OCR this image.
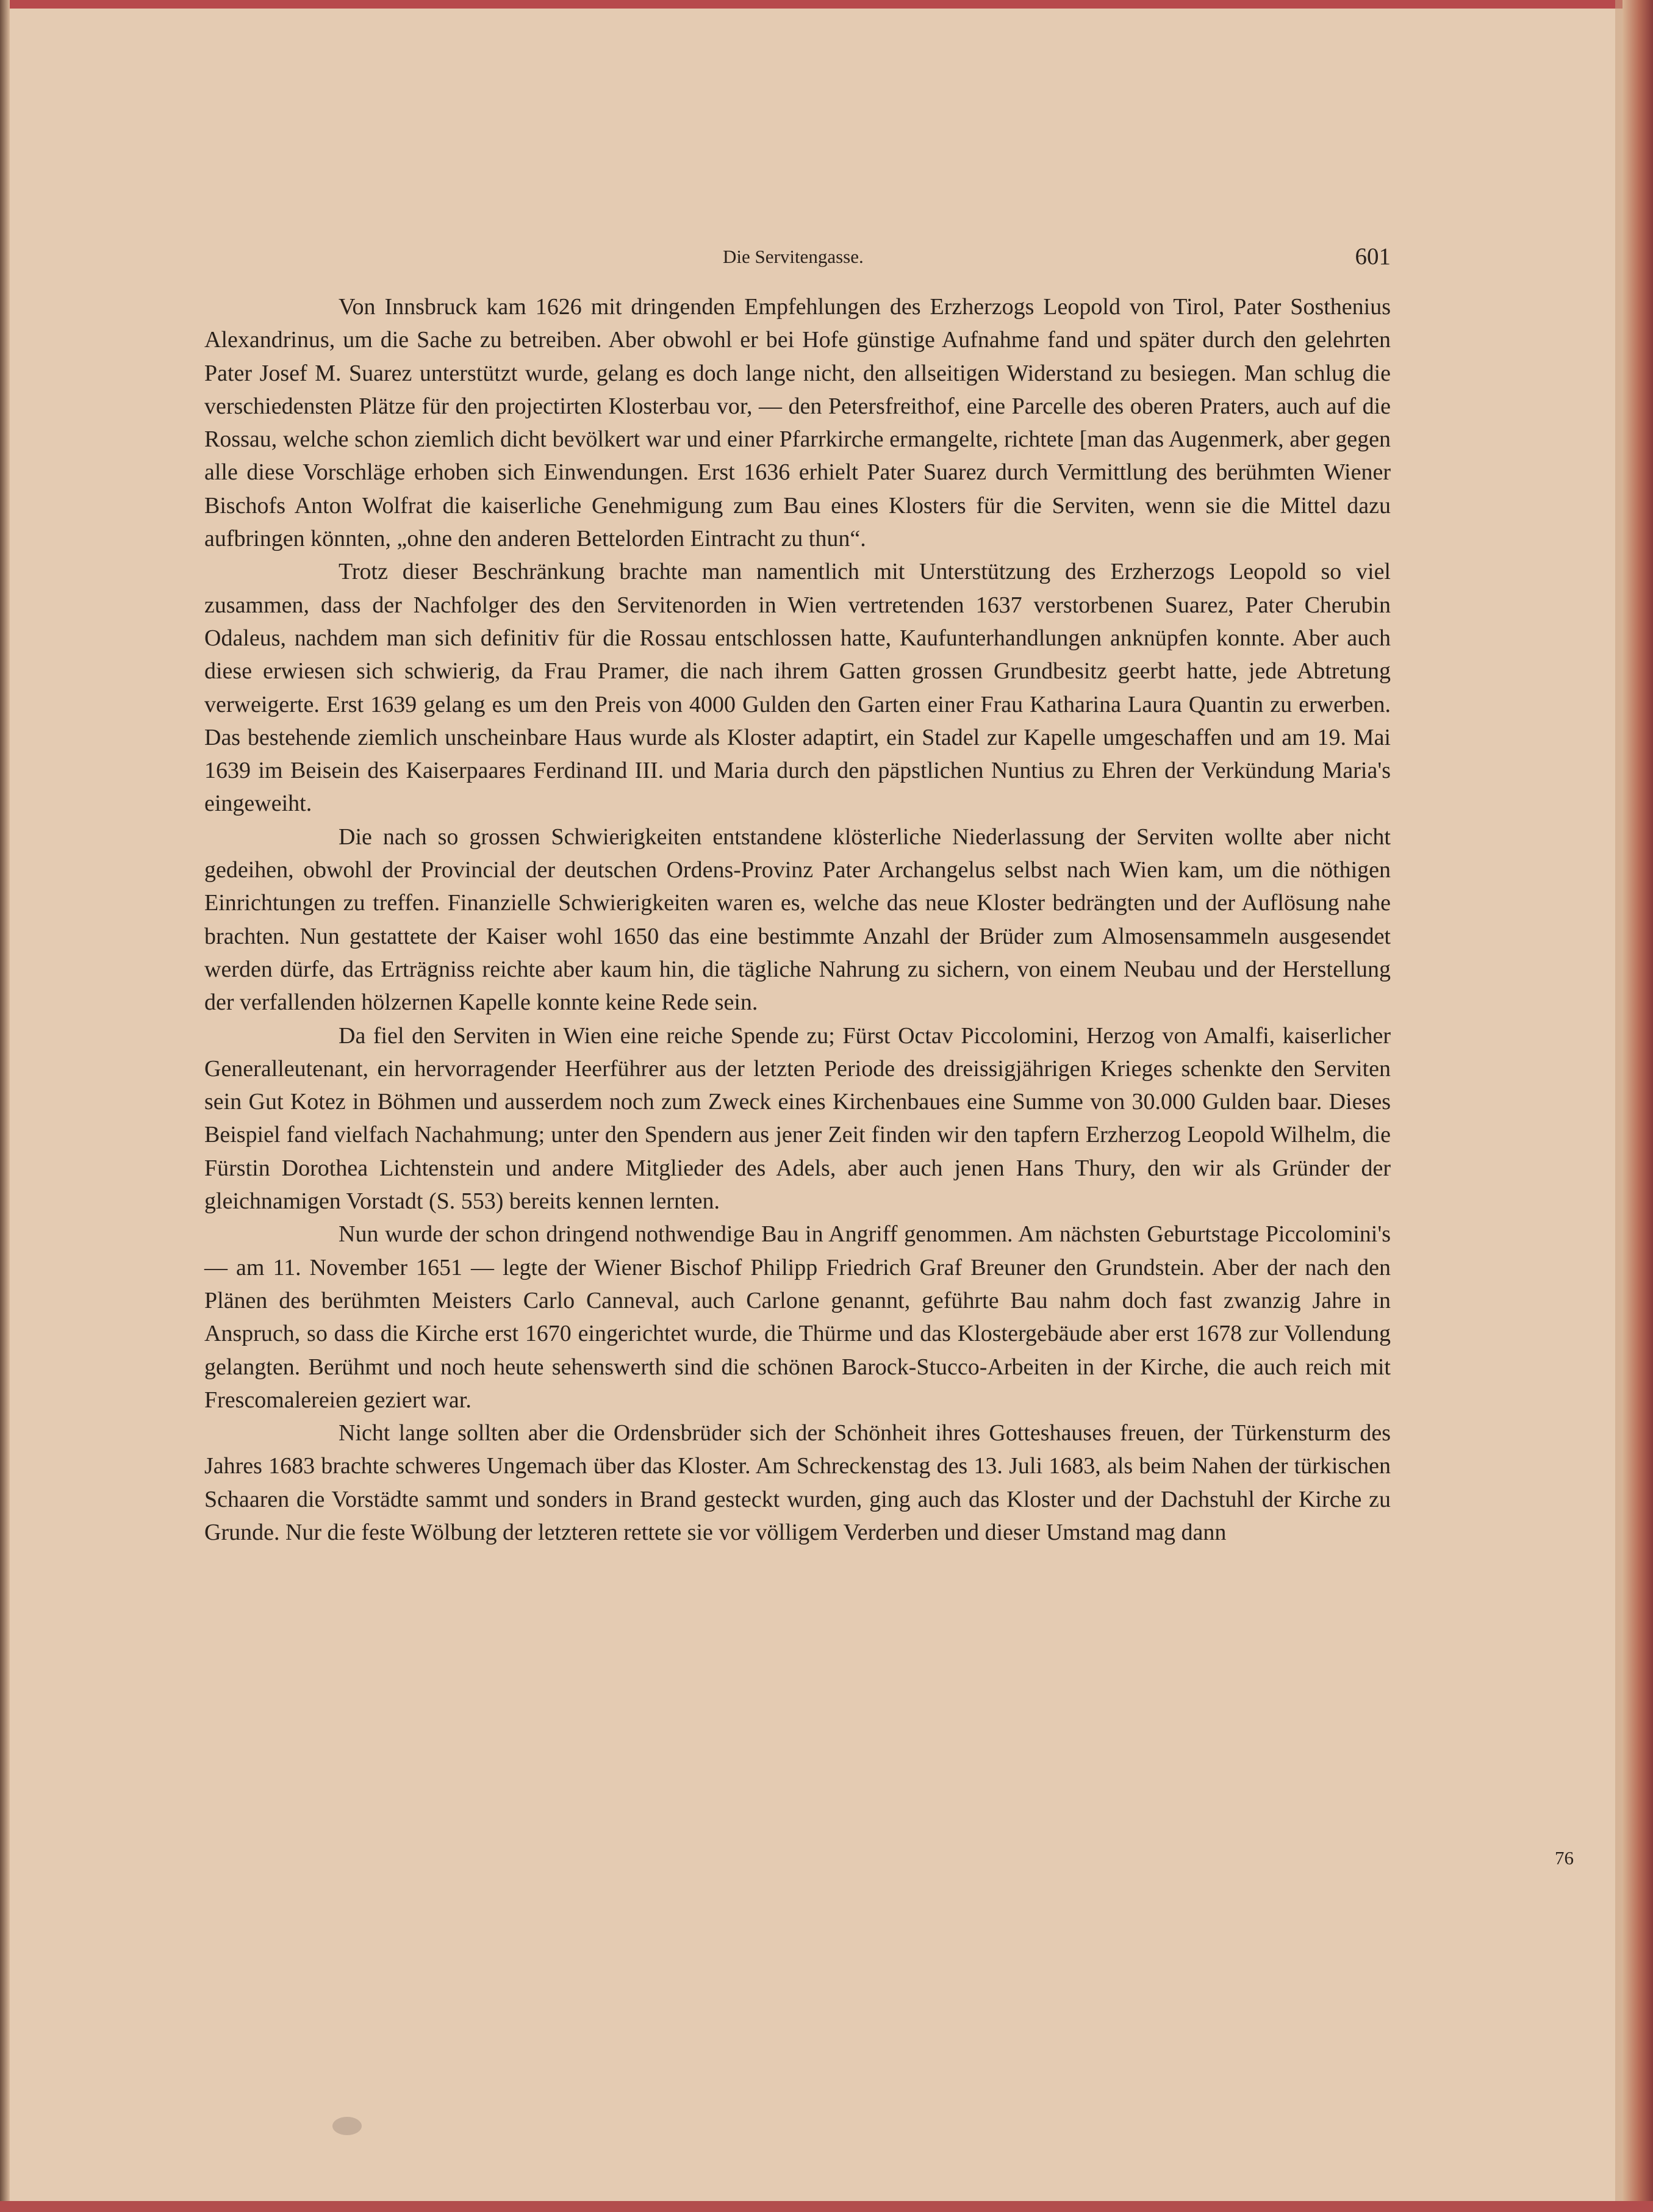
Die Servitengasse.	601

Von Innsbruck kam 1626 mit dringenden Empfehlungen des Erzherzogs Leopold von Tirol, Pater Sosthenius Alexandrinus, um die Sache zu betreiben. Aber obwohl er bei Hofe günstige Aufnahme fand und später durch den gelehrten Pater Josef M. Suarez unterstützt wurde, gelang es doch lange nicht, den allseitigen Widerstand zu besiegen. Man schlug die verschiedensten Plätze für den projectirten Klosterbau vor, — den Petersfreithof, eine Parcelle des oberen Praters, auch auf die Rossau, welche schon ziemlich dicht bevölkert war und einer Pfarrkirche ermangelte, richtete [man das Augenmerk, aber gegen alle diese Vorschläge erhoben sich Einwendungen. Erst 1636 erhielt Pater Suarez durch Vermittlung des berühmten Wiener Bischofs Anton Wolfrat die kaiserliche Genehmigung zum Bau eines Klosters für die Serviten, wenn sie die Mittel dazu aufbringen könnten, „ohne den anderen Bettelorden Eintracht zu thun“.

Trotz dieser Beschränkung brachte man namentlich mit Unterstützung des Erzherzogs Leopold so viel zusammen, dass der Nachfolger des den Servitenorden in Wien vertretenden 1637 verstorbenen Suarez, Pater Cherubin Odaleus, nachdem man sich definitiv für die Rossau entschlossen hatte, Kaufunterhandlungen anknüpfen konnte. Aber auch diese erwiesen sich schwierig, da Frau Pramer, die nach ihrem Gatten grossen Grundbesitz geerbt hatte, jede Abtretung verweigerte. Erst 1639 gelang es um den Preis von 4000 Gulden den Garten einer Frau Katharina Laura Quantin zu erwerben. Das bestehende ziemlich unscheinbare Haus wurde als Kloster adaptirt, ein Stadel zur Kapelle umgeschaffen und am 19. Mai 1639 im Beisein des Kaiserpaares Ferdinand III. und Maria durch den päpstlichen Nuntius zu Ehren der Verkündung Maria's eingeweiht.

Die nach so grossen Schwierigkeiten entstandene klösterliche Niederlassung der Serviten wollte aber nicht gedeihen, obwohl der Provincial der deutschen Ordens-Provinz Pater Archangelus selbst nach Wien kam, um die nöthigen Einrichtungen zu treffen. Finanzielle Schwierigkeiten waren es, welche das neue Kloster bedrängten und der Auflösung nahe brachten. Nun gestattete der Kaiser wohl 1650 das eine bestimmte Anzahl der Brüder zum Almosensammeln ausgesendet werden dürfe, das Erträgniss reichte aber kaum hin, die tägliche Nahrung zu sichern, von einem Neubau und der Herstellung der verfallenden hölzernen Kapelle konnte keine Rede sein.

Da fiel den Serviten in Wien eine reiche Spende zu; Fürst Octav Piccolomini, Herzog von Amalfi, kaiserlicher Generalleutenant, ein hervorragender Heerführer aus der letzten Periode des dreissigjährigen Krieges schenkte den Serviten sein Gut Kotez in Böhmen und ausserdem noch zum Zweck eines Kirchenbaues eine Summe von 30.000 Gulden baar. Dieses Beispiel fand vielfach Nachahmung; unter den Spendern aus jener Zeit finden wir den tapfern Erzherzog Leopold Wilhelm, die Fürstin Dorothea Lichtenstein und andere Mitglieder des Adels, aber auch jenen Hans Thury, den wir als Gründer der gleichnamigen Vorstadt (S. 553) bereits kennen lernten.

Nun wurde der schon dringend nothwendige Bau in Angriff genommen. Am nächsten Geburtstage Piccolomini's — am 11. November 1651 — legte der Wiener Bischof Philipp Friedrich Graf Breuner den Grundstein. Aber der nach den Plänen des berühmten Meisters Carlo Canneval, auch Carlone genannt, geführte Bau nahm doch fast zwanzig Jahre in Anspruch, so dass die Kirche erst 1670 eingerichtet wurde, die Thürme und das Klostergebäude aber erst 1678 zur Vollendung gelangten. Berühmt und noch heute sehenswerth sind die schönen Barock-Stucco-Arbeiten in der Kirche, die auch reich mit Frescomalereien geziert war.

Nicht lange sollten aber die Ordensbrüder sich der Schönheit ihres Gotteshauses freuen, der Türkensturm des Jahres 1683 brachte schweres Ungemach über das Kloster. Am Schreckenstag des 13. Juli 1683, als beim Nahen der türkischen Schaaren die Vorstädte sammt und sonders in Brand gesteckt wurden, ging auch das Kloster und der Dachstuhl der Kirche zu Grunde. Nur die feste Wölbung der letzteren rettete sie vor völligem Verderben und dieser Umstand mag dann

76
